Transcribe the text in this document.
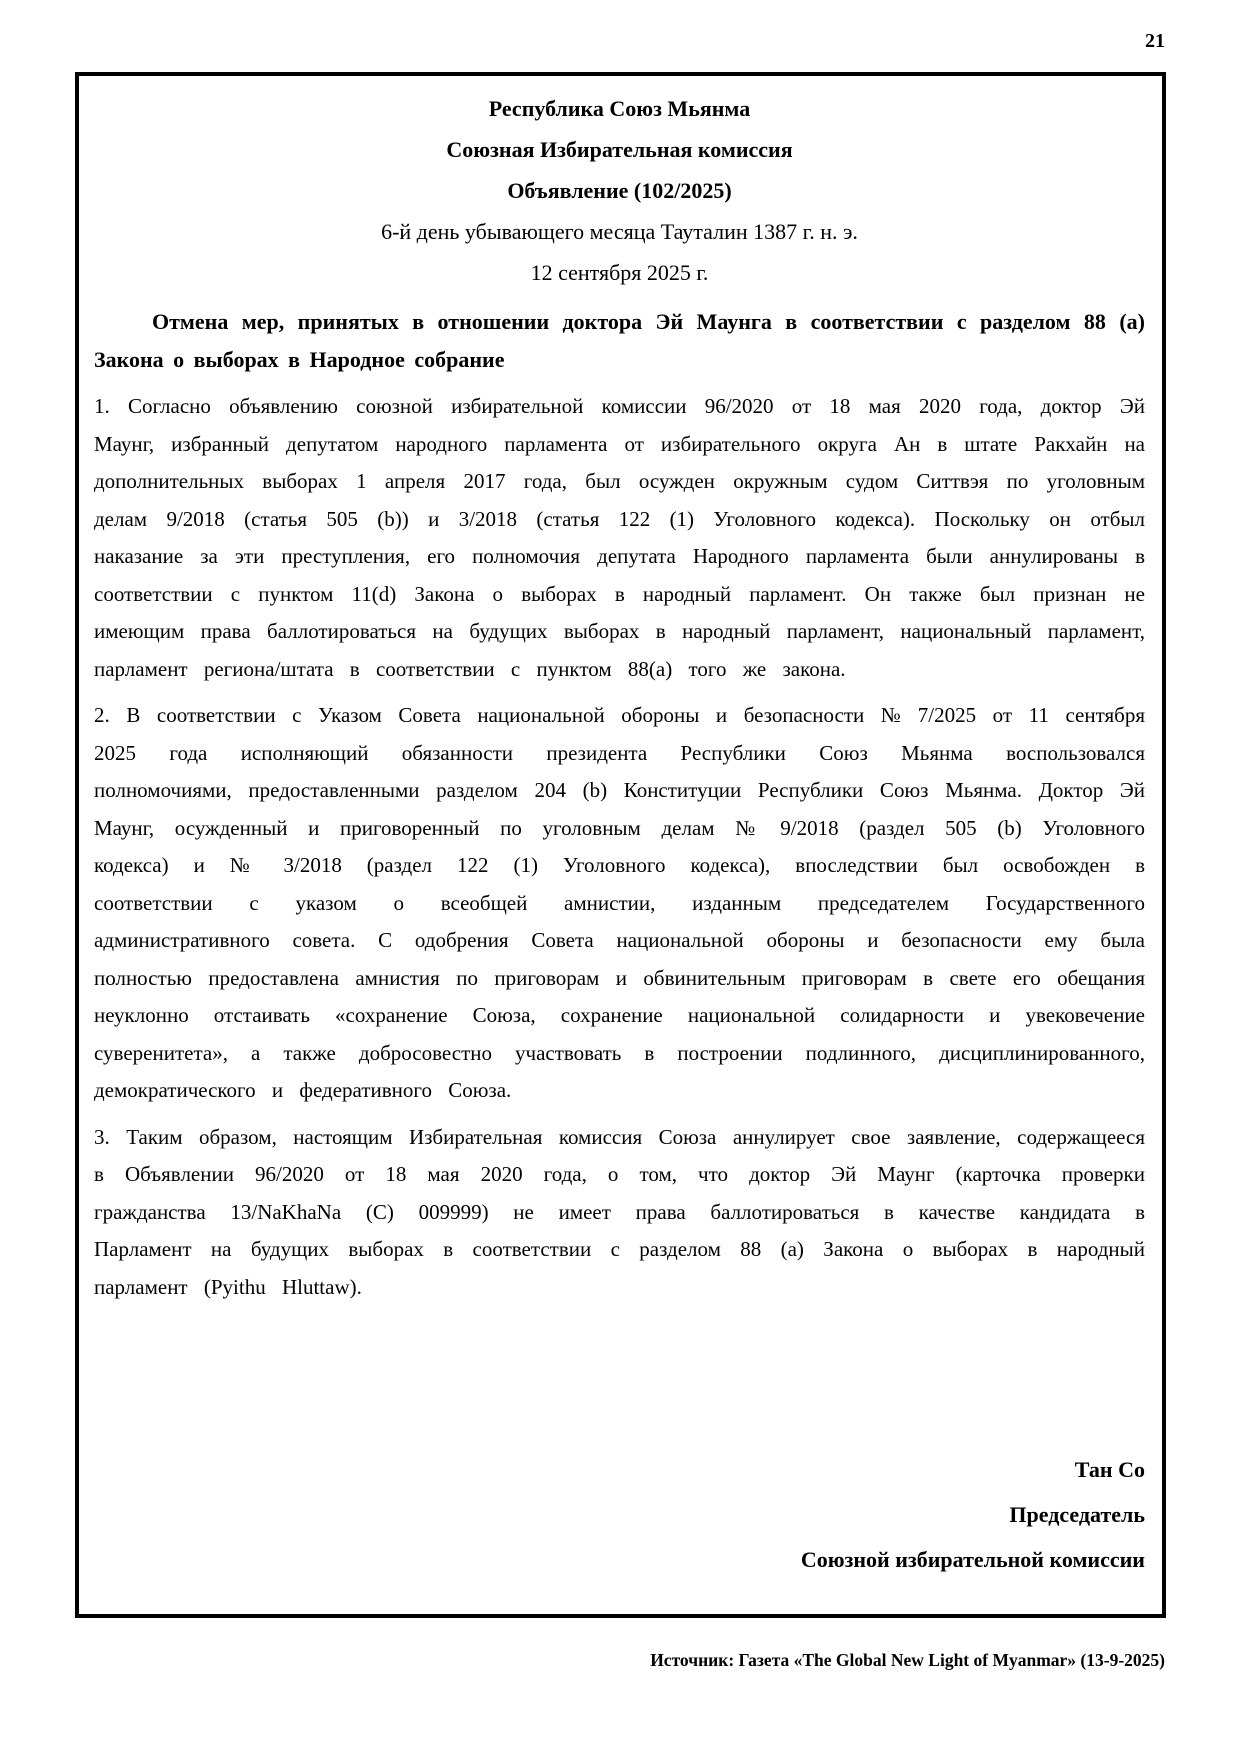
21
Республика Союз Мьянма
Союзная Избирательная комиссия
Объявление (102/2025)
6-й день убывающего месяца Тауталин 1387 г. н. э.
12 сентября 2025 г.
Отмена мер, принятых в отношении доктора Эй Маунга в соответствии с разделом 88 (а) Закона о выборах в Народное собрание

1. Согласно объявлению союзной избирательной комиссии 96/2020 от 18 мая 2020 года, доктор Эй Маунг, избранный депутатом народного парламента от избирательного округа Ан в штате Ракхайн на дополнительных выборах 1 апреля 2017 года, был осужден окружным судом Ситтвэя по уголовным делам 9/2018 (статья 505 (b)) и 3/2018 (статья 122 (1) Уголовного кодекса). Поскольку он отбыл наказание за эти преступления, его полномочия депутата Народного парламента были аннулированы в соответствии с пунктом 11(d) Закона о выборах в народный парламент. Он также был признан не имеющим права баллотироваться на будущих выборах в народный парламент, национальный парламент, парламент региона/штата в соответствии с пунктом 88(а) того же закона.

2. В соответствии с Указом Совета национальной обороны и безопасности № 7/2025 от 11 сентября 2025 года исполняющий обязанности президента Республики Союз Мьянма воспользовался полномочиями, предоставленными разделом 204 (b) Конституции Республики Союз Мьянма. Доктор Эй Маунг, осужденный и приговоренный по уголовным делам № 9/2018 (раздел 505 (b) Уголовного кодекса) и № 3/2018 (раздел 122 (1) Уголовного кодекса), впоследствии был освобожден в соответствии с указом о всеобщей амнистии, изданным председателем Государственного административного совета. С одобрения Совета национальной обороны и безопасности ему была полностью предоставлена амнистия по приговорам и обвинительным приговорам в свете его обещания неуклонно отстаивать «сохранение Союза, сохранение национальной солидарности и увековечение суверенитета», а также добросовестно участвовать в построении подлинного, дисциплинированного, демократического и федеративного Союза.

3. Таким образом, настоящим Избирательная комиссия Союза аннулирует свое заявление, содержащееся в Объявлении 96/2020 от 18 мая 2020 года, о том, что доктор Эй Маунг (карточка проверки гражданства 13/NaKhaNa (C) 009999) не имеет права баллотироваться в качестве кандидата в Парламент на будущих выборах в соответствии с разделом 88 (а) Закона о выборах в народный парламент (Pyithu Hluttaw).

Тан Со
Председатель
Союзной избирательной комиссии
Источник: Газета «The Global New Light of Myanmar» (13-9-2025)
